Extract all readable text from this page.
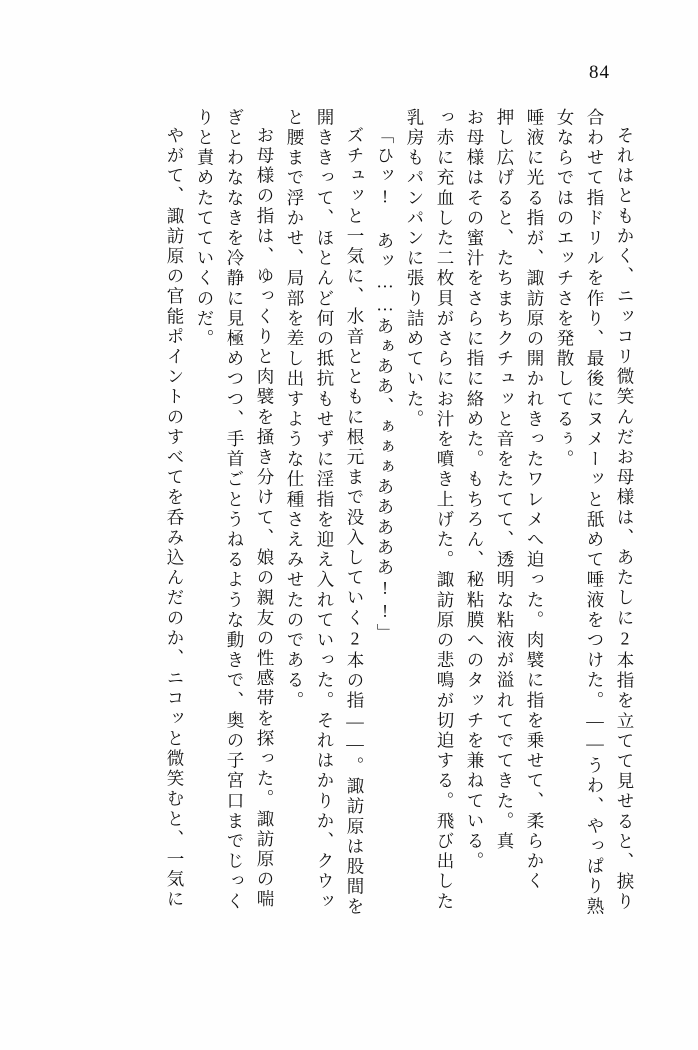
84
それはともかく、ニッコリ微笑んだお母様は、あたしに2本指を立てて見せると、捩り
合わせて指ドリルを作り、最後にヌメーッと舐めて唾液をつけた。――うわ、やっぱり熟
女ならではのエッチさを発散してるぅ。
唾液に光る指が、諏訪原の開かれきったワレメへ迫った。肉襞に指を乗せて、柔らかく
押し広げると、たちまちクチュッと音をたてて、透明な粘液が溢れてでてきた。真
お母様はその蜜汁をさらに指に絡めた。もちろん、秘粘膜へのタッチを兼ねている。
っ赤に充血した二枚貝がさらにお汁を噴き上げた。諏訪原の悲鳴が切迫する。飛び出した
乳房もパンパンに張り詰めていた。
「ひッ! あッ……あぁああ、ぁぁぁあああああ!!」
ズチュッと一気に、水音とともに根元まで没入していく2本の指――。諏訪原は股間を
開ききって、ほとんど何の抵抗もせずに淫指を迎え入れていった。それはかりか、クウッ
と腰まで浮かせ、局部を差し出すような仕種さえみせたのである。
お母様の指は、ゆっくりと肉襞を掻き分けて、娘の親友の性感帯を探った。諏訪原の喘
ぎとわななきを冷静に見極めつつ、手首ごとうねるような動きで、奥の子宮口までじっく
りと責めたてていくのだ。
やがて、諏訪原の官能ポイントのすべてを呑み込んだのか、ニコッと微笑むと、一気に
